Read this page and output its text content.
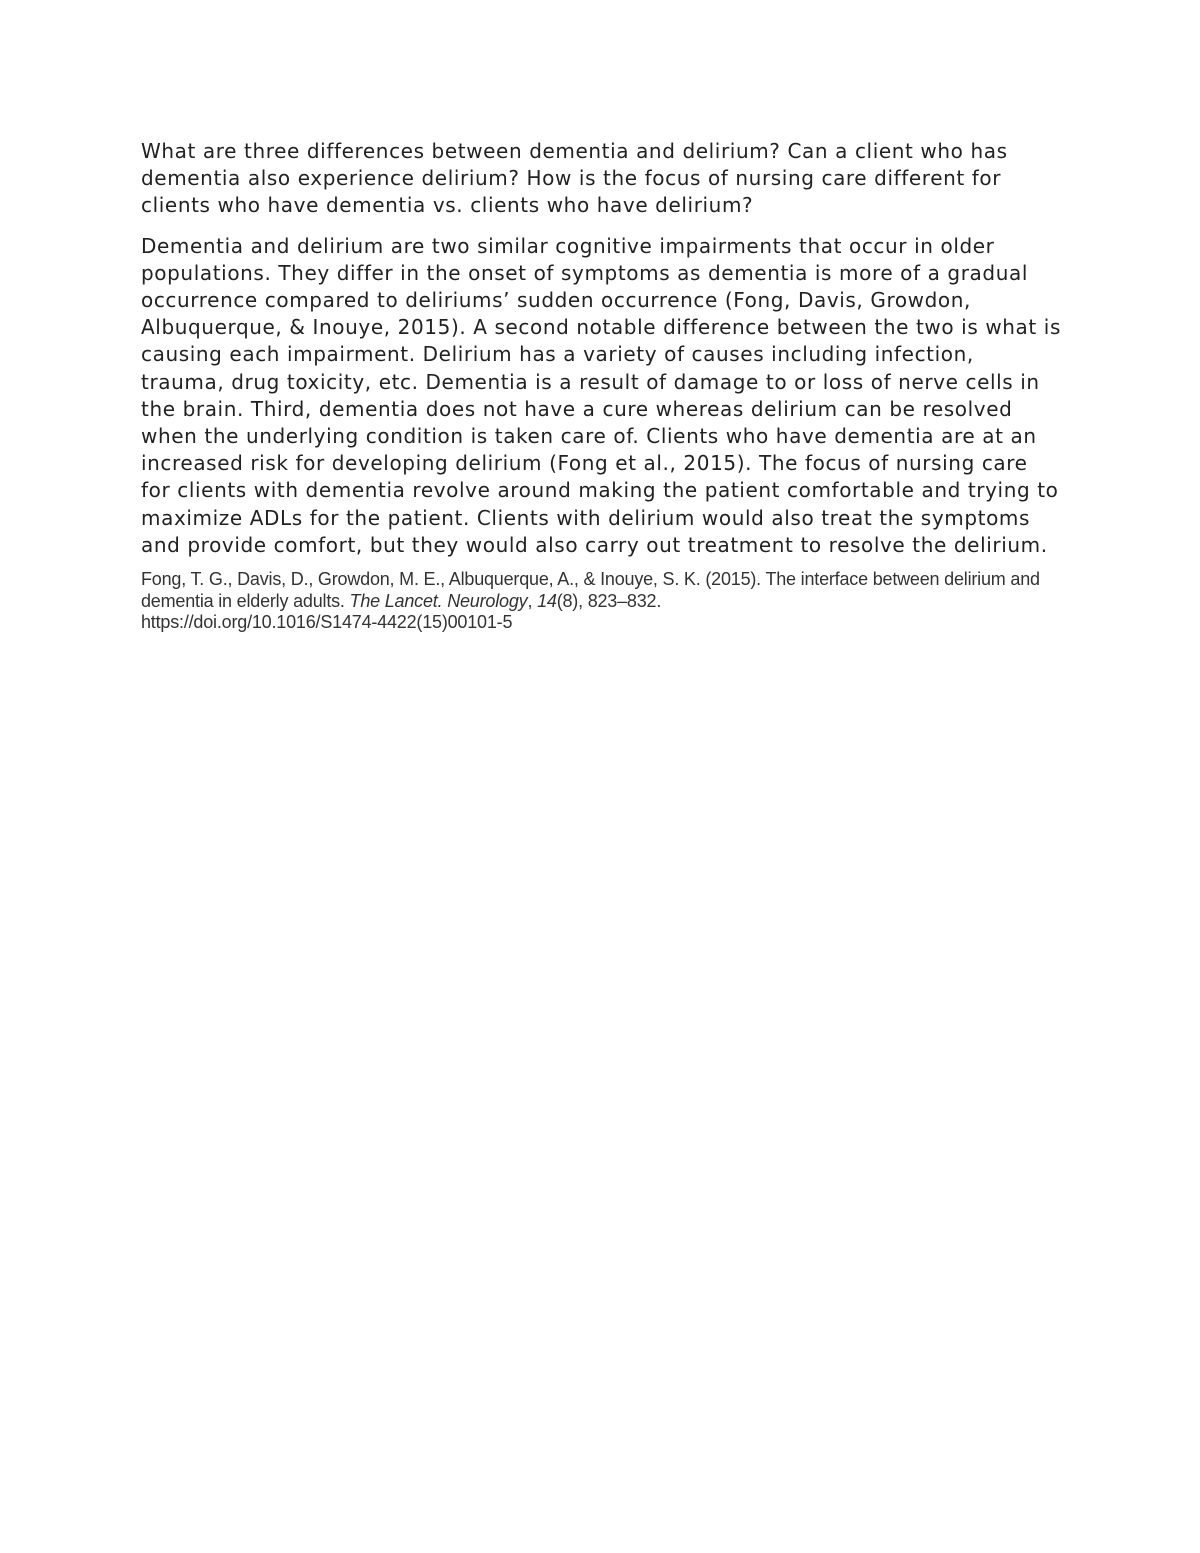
What are three differences between dementia and delirium? Can a client who has dementia also experience delirium? How is the focus of nursing care different for clients who have dementia vs. clients who have delirium?

Dementia and delirium are two similar cognitive impairments that occur in older populations. They differ in the onset of symptoms as dementia is more of a gradual occurrence compared to deliriums’ sudden occurrence (Fong, Davis, Growdon, Albuquerque, & Inouye, 2015). A second notable difference between the two is what is causing each impairment. Delirium has a variety of causes including infection, trauma, drug toxicity, etc. Dementia is a result of damage to or loss of nerve cells in the brain. Third, dementia does not have a cure whereas delirium can be resolved when the underlying condition is taken care of. Clients who have dementia are at an increased risk for developing delirium (Fong et al., 2015). The focus of nursing care for clients with dementia revolve around making the patient comfortable and trying to maximize ADLs for the patient. Clients with delirium would also treat the symptoms and provide comfort, but they would also carry out treatment to resolve the delirium.

Fong, T. G., Davis, D., Growdon, M. E., Albuquerque, A., & Inouye, S. K. (2015). The interface between delirium and dementia in elderly adults. The Lancet. Neurology, 14(8), 823–832.
https://doi.org/10.1016/S1474-4422(15)00101-5
